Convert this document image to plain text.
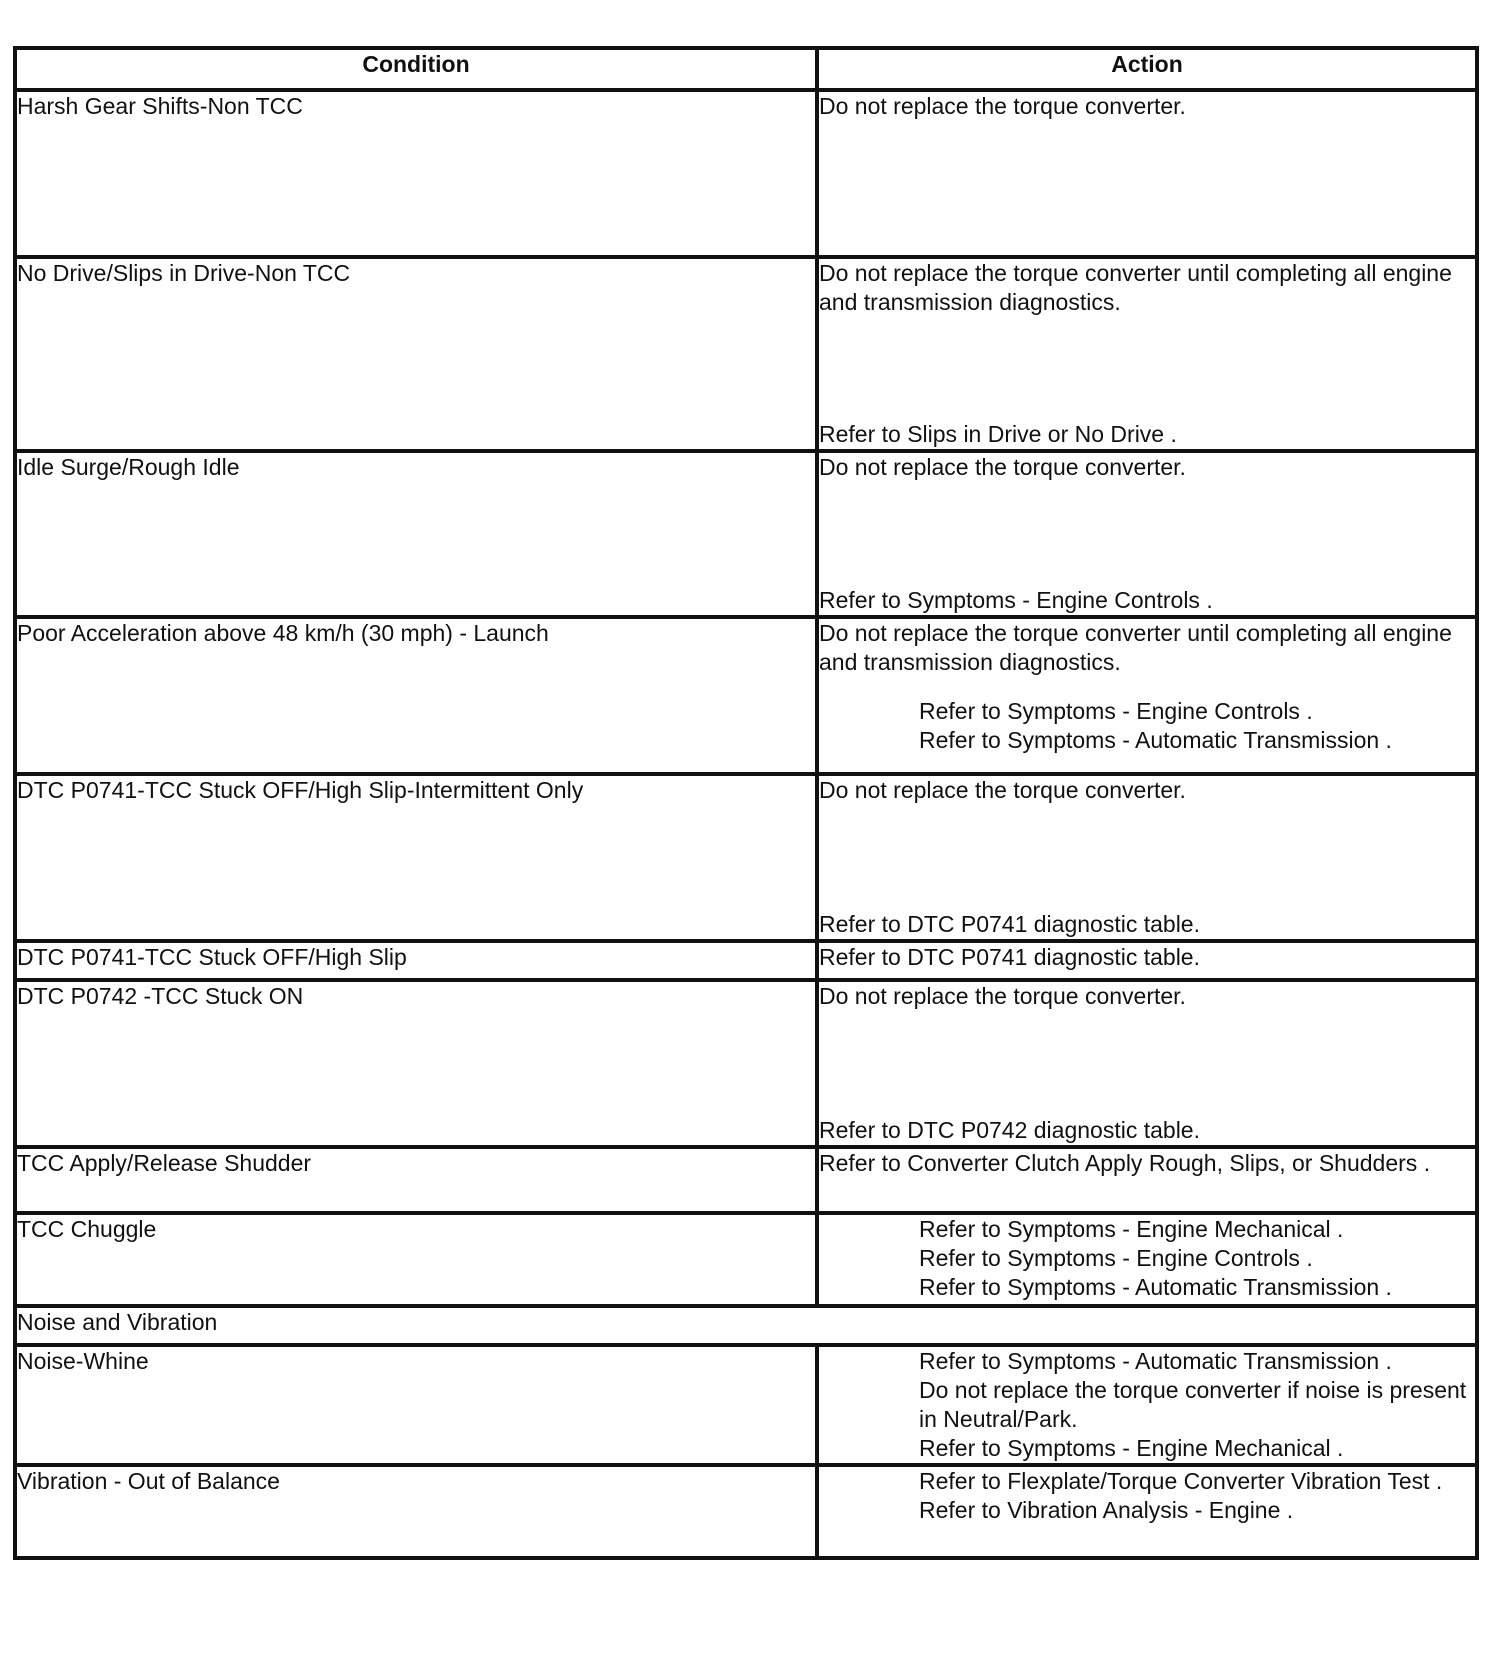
Condition	Action
Harsh Gear Shifts-Non TCC	Do not replace the torque converter.

No Drive/Slips in Drive-Non TCC	Do not replace the torque converter until completing all engine and transmission diagnostics.
Refer to Slips in Drive or No Drive .

Idle Surge/Rough Idle	Do not replace the torque converter.
Refer to Symptoms - Engine Controls .

Poor Acceleration above 48 km/h (30 mph) - Launch	Do not replace the torque converter until completing all engine and transmission diagnostics.
Refer to Symptoms - Engine Controls .
Refer to Symptoms - Automatic Transmission .

DTC P0741-TCC Stuck OFF/High Slip-Intermittent Only	Do not replace the torque converter.
Refer to DTC P0741 diagnostic table.

DTC P0741-TCC Stuck OFF/High Slip	Refer to DTC P0741 diagnostic table.

DTC P0742 -TCC Stuck ON	Do not replace the torque converter.
Refer to DTC P0742 diagnostic table.

TCC Apply/Release Shudder	Refer to Converter Clutch Apply Rough, Slips, or Shudders .

TCC Chuggle	Refer to Symptoms - Engine Mechanical .
Refer to Symptoms - Engine Controls .
Refer to Symptoms - Automatic Transmission .

Noise and Vibration	
Noise-Whine	Refer to Symptoms - Automatic Transmission .
Do not replace the torque converter if noise is present in Neutral/Park.
Refer to Symptoms - Engine Mechanical .

Vibration - Out of Balance	Refer to Flexplate/Torque Converter Vibration Test .
Refer to Vibration Analysis - Engine .
